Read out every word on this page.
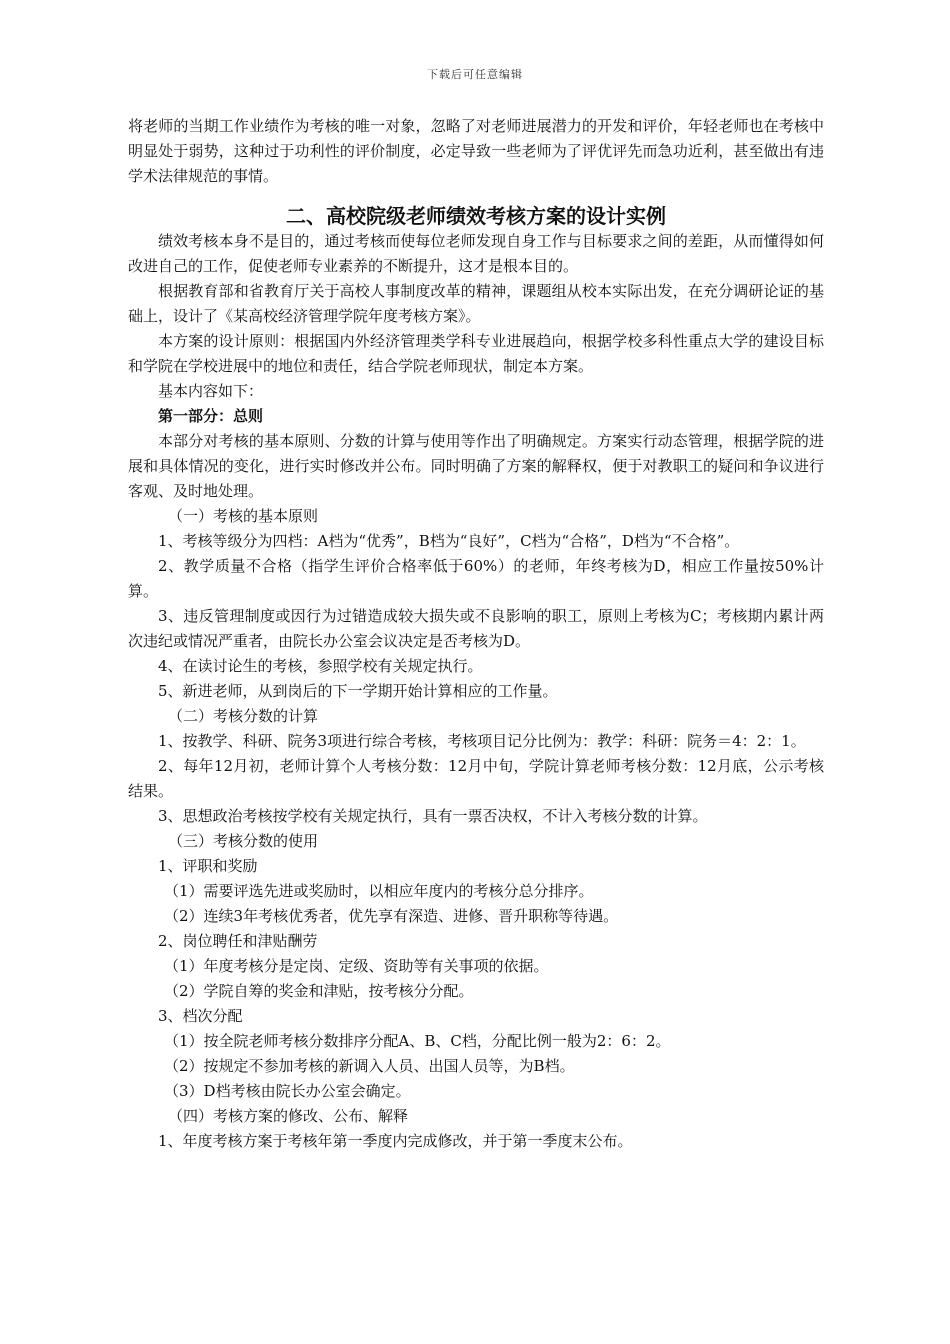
下载后可任意编辑

将老师的当期工作业绩作为考核的唯一对象，忽略了对老师进展潜力的开发和评价，年轻老师也在考核中明显处于弱势，这种过于功利性的评价制度，必定导致一些老师为了评优评先而急功近利，甚至做出有违学术法律规范的事情。

二、高校院级老师绩效考核方案的设计实例

绩效考核本身不是目的，通过考核而使每位老师发现自身工作与目标要求之间的差距，从而懂得如何改进自己的工作，促使老师专业素养的不断提升，这才是根本目的。

根据教育部和省教育厅关于高校人事制度改革的精神，课题组从校本实际出发，在充分调研论证的基础上，设计了《某高校经济管理学院年度考核方案》。

本方案的设计原则：根据国内外经济管理类学科专业进展趋向，根据学校多科性重点大学的建设目标和学院在学校进展中的地位和责任，结合学院老师现状，制定本方案。

基本内容如下：

第一部分：总则

本部分对考核的基本原则、分数的计算与使用等作出了明确规定。方案实行动态管理，根据学院的进展和具体情况的变化，进行实时修改并公布。同时明确了方案的解释权，便于对教职工的疑问和争议进行客观、及时地处理。

（一）考核的基本原则

1、考核等级分为四档：A档为“优秀”，B档为“良好”，C档为“合格”，D档为“不合格”。

2、教学质量不合格（指学生评价合格率低于60%）的老师，年终考核为D，相应工作量按50%计算。

3、违反管理制度或因行为过错造成较大损失或不良影响的职工，原则上考核为C；考核期内累计两次违纪或情况严重者，由院长办公室会议决定是否考核为D。

4、在读讨论生的考核，参照学校有关规定执行。

5、新进老师，从到岗后的下一学期开始计算相应的工作量。

（二）考核分数的计算

1、按教学、科研、院务3项进行综合考核，考核项目记分比例为：教学：科研：院务＝4：2：1。

2、每年12月初，老师计算个人考核分数：12月中旬，学院计算老师考核分数：12月底，公示考核结果。

3、思想政治考核按学校有关规定执行，具有一票否决权，不计入考核分数的计算。

（三）考核分数的使用

1、评职和奖励

（1）需要评选先进或奖励时，以相应年度内的考核分总分排序。

（2）连续3年考核优秀者，优先享有深造、进修、晋升职称等待遇。

2、岗位聘任和津贴酬劳

（1）年度考核分是定岗、定级、资助等有关事项的依据。

（2）学院自筹的奖金和津贴，按考核分分配。

3、档次分配

（1）按全院老师考核分数排序分配A、B、C档，分配比例一般为2：6：2。

（2）按规定不参加考核的新调入人员、出国人员等，为B档。

（3）D档考核由院长办公室会确定。

（四）考核方案的修改、公布、解释

1、年度考核方案于考核年第一季度内完成修改，并于第一季度末公布。
